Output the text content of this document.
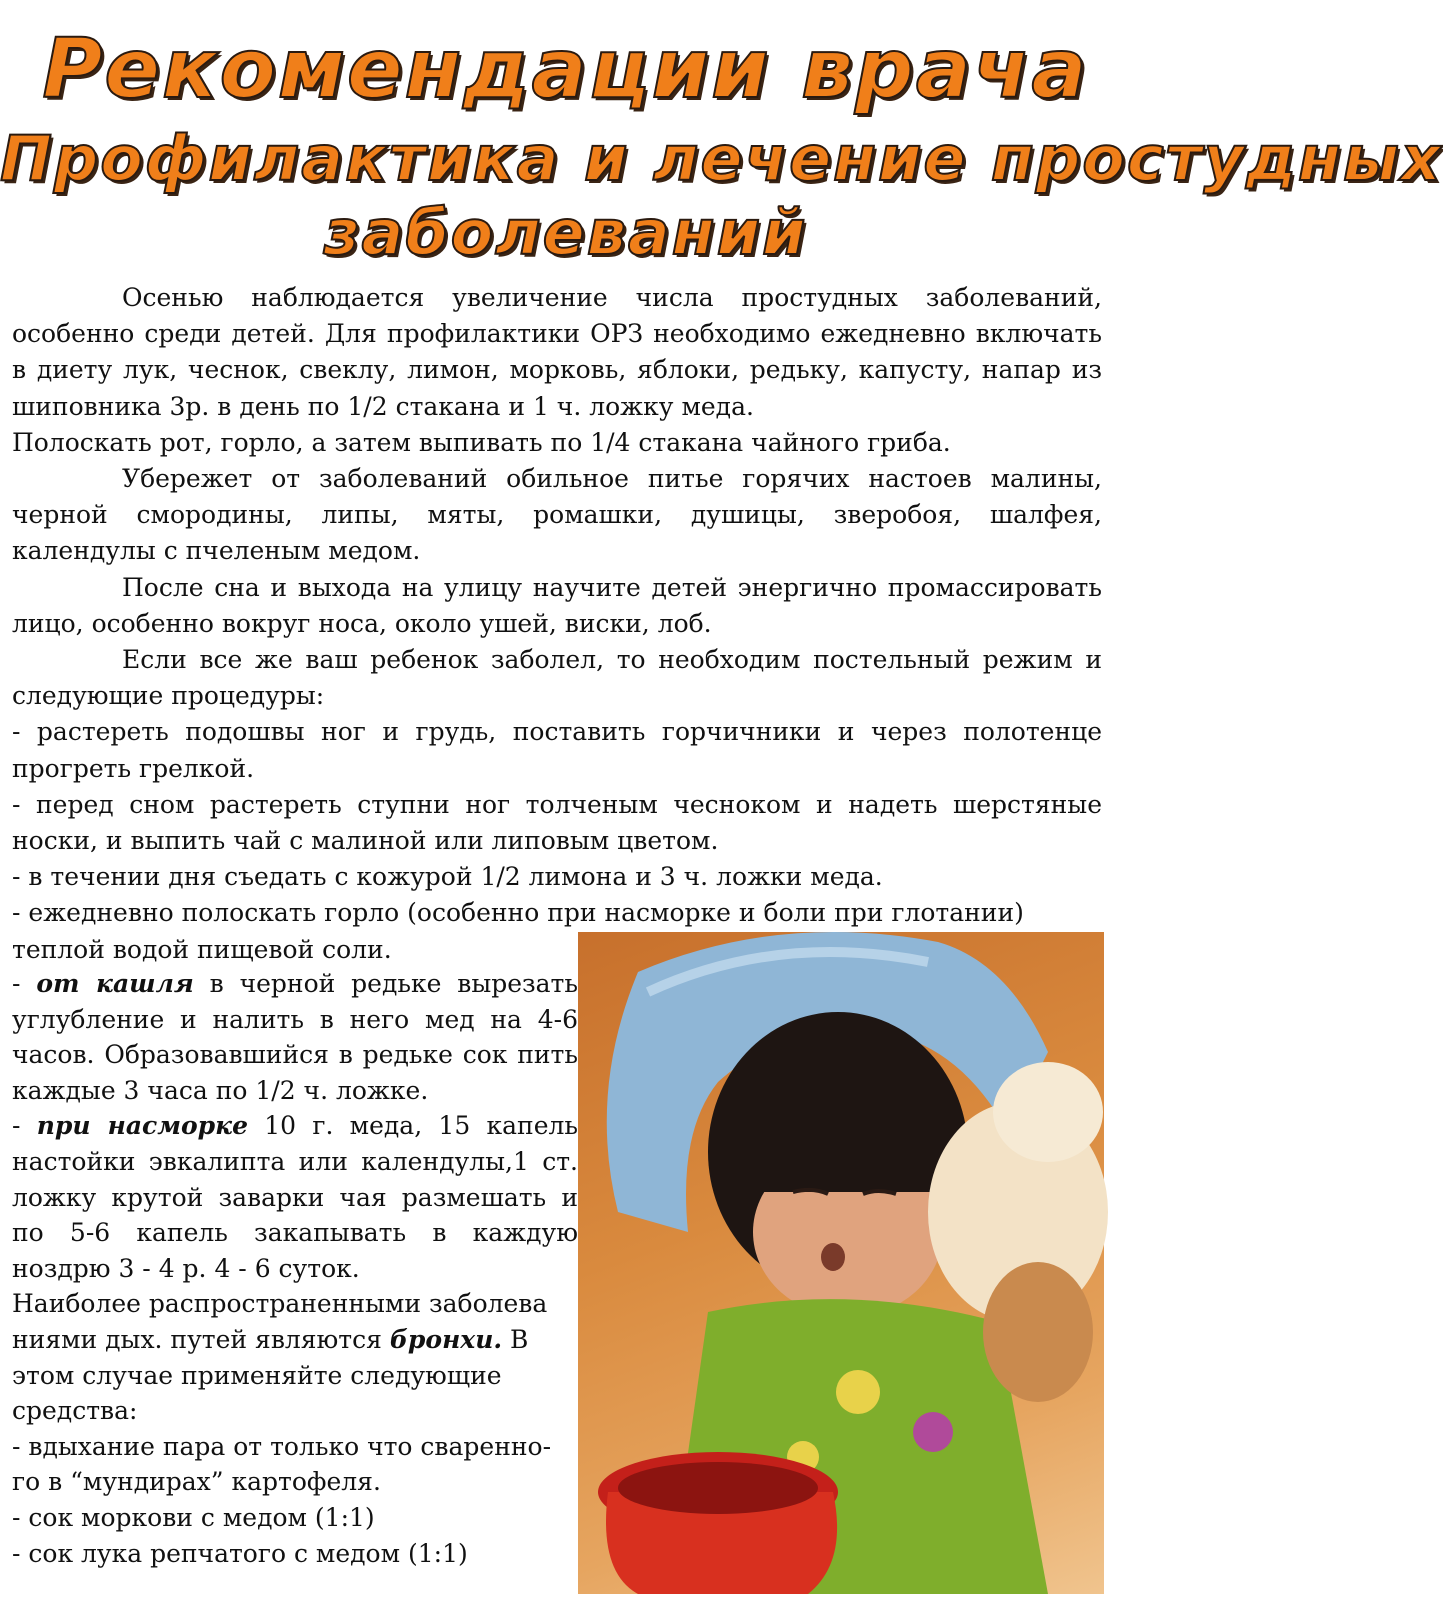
Рекомендации врача
Профилактика и лечение простудных
заболеваний

Осенью наблюдается увеличение числа простудных заболеваний, особенно среди детей. Для профилактики ОРЗ необходимо ежедневно включать в диету лук, чеснок, свеклу, лимон, морковь, яблоки, редьку, капусту, напар из шиповника 3р. в день по 1/2 стакана и 1 ч. ложку меда.

Полоскать рот, горло, а затем выпивать по 1/4 стакана чайного гриба.

Убережет от заболеваний обильное питье горячих настоев малины, черной смородины, липы, мяты, ромашки, душицы, зверобоя, шалфея, календулы с пчеленым медом.

После сна и выхода на улицу научите детей энергично промассировать лицо, особенно вокруг носа, около ушей, виски, лоб.

Если все же ваш ребенок заболел, то необходим постельный режим и следующие процедуры:

- растереть подошвы ног и грудь, поставить горчичники и через полотенце прогреть грелкой.

- перед сном растереть ступни ног толченым чесноком и надеть шерстяные носки, и выпить чай с малиной или липовым цветом.

- в течении дня съедать с кожурой 1/2 лимона и 3 ч. ложки меда.

- ежедневно полоскать горло (особенно при насморке и боли при глотании)

теплой водой пищевой соли.

- от кашля в черной редьке вырезать углубление и налить в него мед на 4-6 часов. Образовавшийся в редьке сок пить каждые 3 часа по 1/2 ч. ложке.

- при насморке 10 г. меда, 15 капель настойки эвкалипта или календулы,1 ст. ложку крутой заварки чая размешать и по 5-6 капель закапывать в каждую ноздрю 3 - 4 р. 4 - 6 суток.

Наиболее распространенными заболева ниями дых. путей являются бронхи. В этом случае применяйте следующие средства:

- вдыхание пара от только что сваренно-го в “мундирах” картофеля.

- сок моркови с медом (1:1)

- сок лука репчатого с медом (1:1)
